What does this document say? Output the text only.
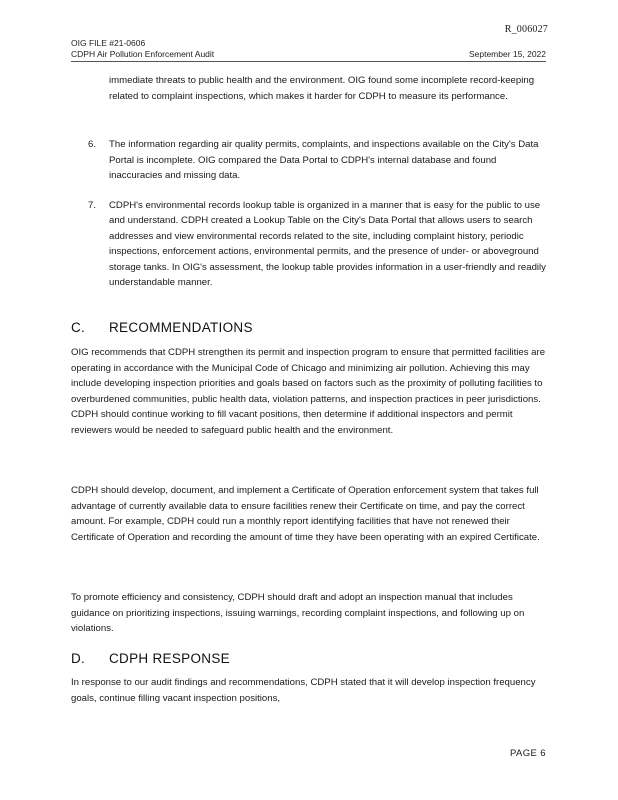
R_006027
OIG FILE #21-0606
CDPH Air Pollution Enforcement Audit	September 15, 2022

immediate threats to public health and the environment. OIG found some incomplete record-keeping related to complaint inspections, which makes it harder for CDPH to measure its performance.

6. The information regarding air quality permits, complaints, and inspections available on the City's Data Portal is incomplete. OIG compared the Data Portal to CDPH's internal database and found inaccuracies and missing data.
7. CDPH's environmental records lookup table is organized in a manner that is easy for the public to use and understand. CDPH created a Lookup Table on the City's Data Portal that allows users to search addresses and view environmental records related to the site, including complaint history, periodic inspections, enforcement actions, environmental permits, and the presence of under- or aboveground storage tanks. In OIG's assessment, the lookup table provides information in a user-friendly and readily understandable manner.
C. RECOMMENDATIONS

OIG recommends that CDPH strengthen its permit and inspection program to ensure that permitted facilities are operating in accordance with the Municipal Code of Chicago and minimizing air pollution. Achieving this may include developing inspection priorities and goals based on factors such as the proximity of polluting facilities to overburdened communities, public health data, violation patterns, and inspection practices in peer jurisdictions. CDPH should continue working to fill vacant positions, then determine if additional inspectors and permit reviewers would be needed to safeguard public health and the environment.

CDPH should develop, document, and implement a Certificate of Operation enforcement system that takes full advantage of currently available data to ensure facilities renew their Certificate on time, and pay the correct amount. For example, CDPH could run a monthly report identifying facilities that have not renewed their Certificate of Operation and recording the amount of time they have been operating with an expired Certificate.

To promote efficiency and consistency, CDPH should draft and adopt an inspection manual that includes guidance on prioritizing inspections, issuing warnings, recording complaint inspections, and following up on violations.

D. CDPH RESPONSE

In response to our audit findings and recommendations, CDPH stated that it will develop inspection frequency goals, continue filling vacant inspection positions,

PAGE 6
